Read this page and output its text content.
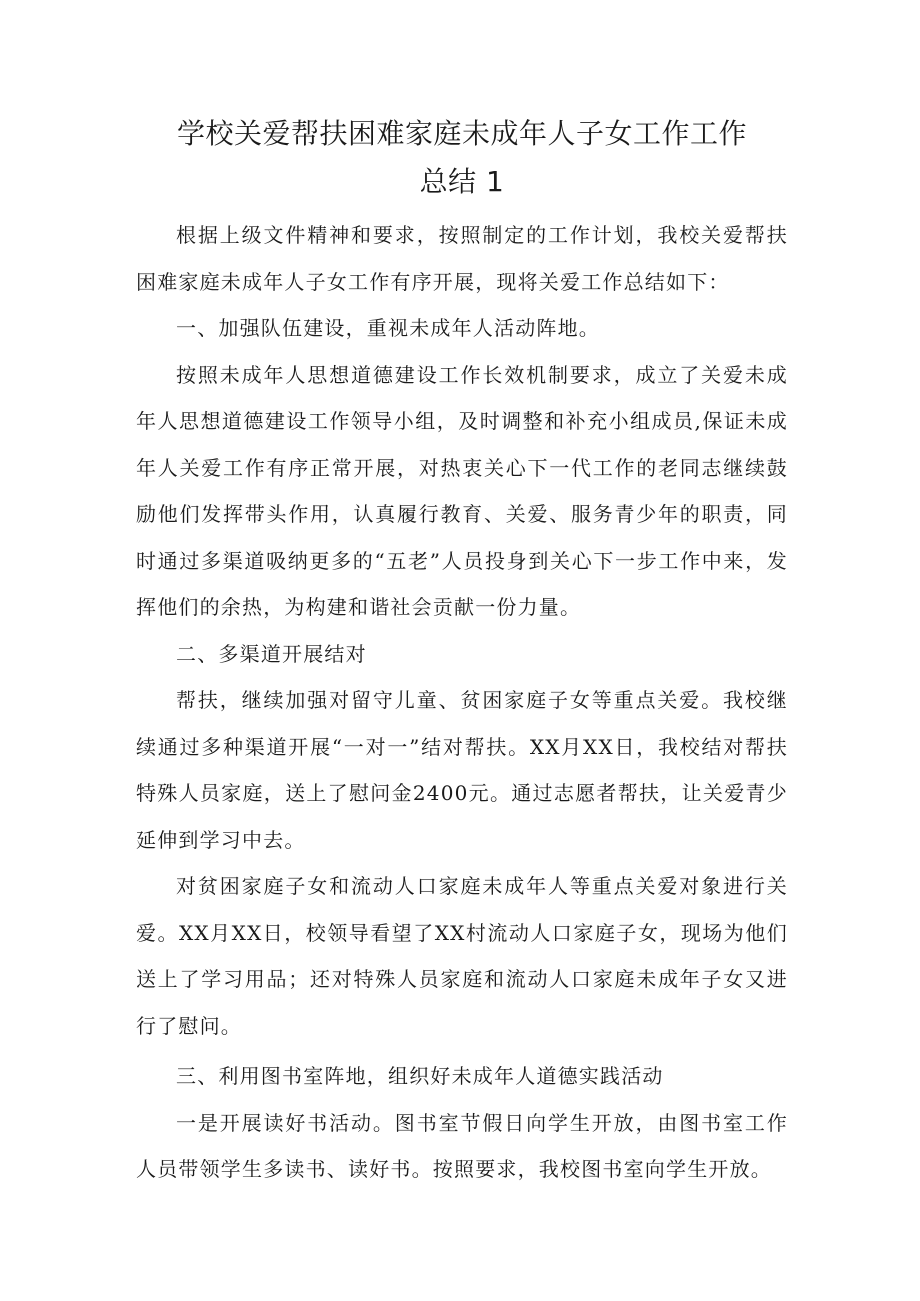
学校关爱帮扶困难家庭未成年人子女工作工作
总结 1

根据上级文件精神和要求，按照制定的工作计划，我校关爱帮扶困难家庭未成年人子女工作有序开展，现将关爱工作总结如下：

一、加强队伍建设，重视未成年人活动阵地。

按照未成年人思想道德建设工作长效机制要求，成立了关爱未成年人思想道德建设工作领导小组，及时调整和补充小组成员,保证未成年人关爱工作有序正常开展，对热衷关心下一代工作的老同志继续鼓励他们发挥带头作用，认真履行教育、关爱、服务青少年的职责，同时通过多渠道吸纳更多的“五老”人员投身到关心下一步工作中来，发挥他们的余热，为构建和谐社会贡献一份力量。

二、多渠道开展结对

帮扶，继续加强对留守儿童、贫困家庭子女等重点关爱。我校继续通过多种渠道开展“一对一”结对帮扶。XX月XX日，我校结对帮扶特殊人员家庭，送上了慰问金2400元。通过志愿者帮扶，让关爱青少延伸到学习中去。

对贫困家庭子女和流动人口家庭未成年人等重点关爱对象进行关爱。XX月XX日，校领导看望了XX村流动人口家庭子女，现场为他们送上了学习用品；还对特殊人员家庭和流动人口家庭未成年子女又进行了慰问。

三、利用图书室阵地，组织好未成年人道德实践活动

一是开展读好书活动。图书室节假日向学生开放，由图书室工作人员带领学生多读书、读好书。按照要求，我校图书室向学生开放。
